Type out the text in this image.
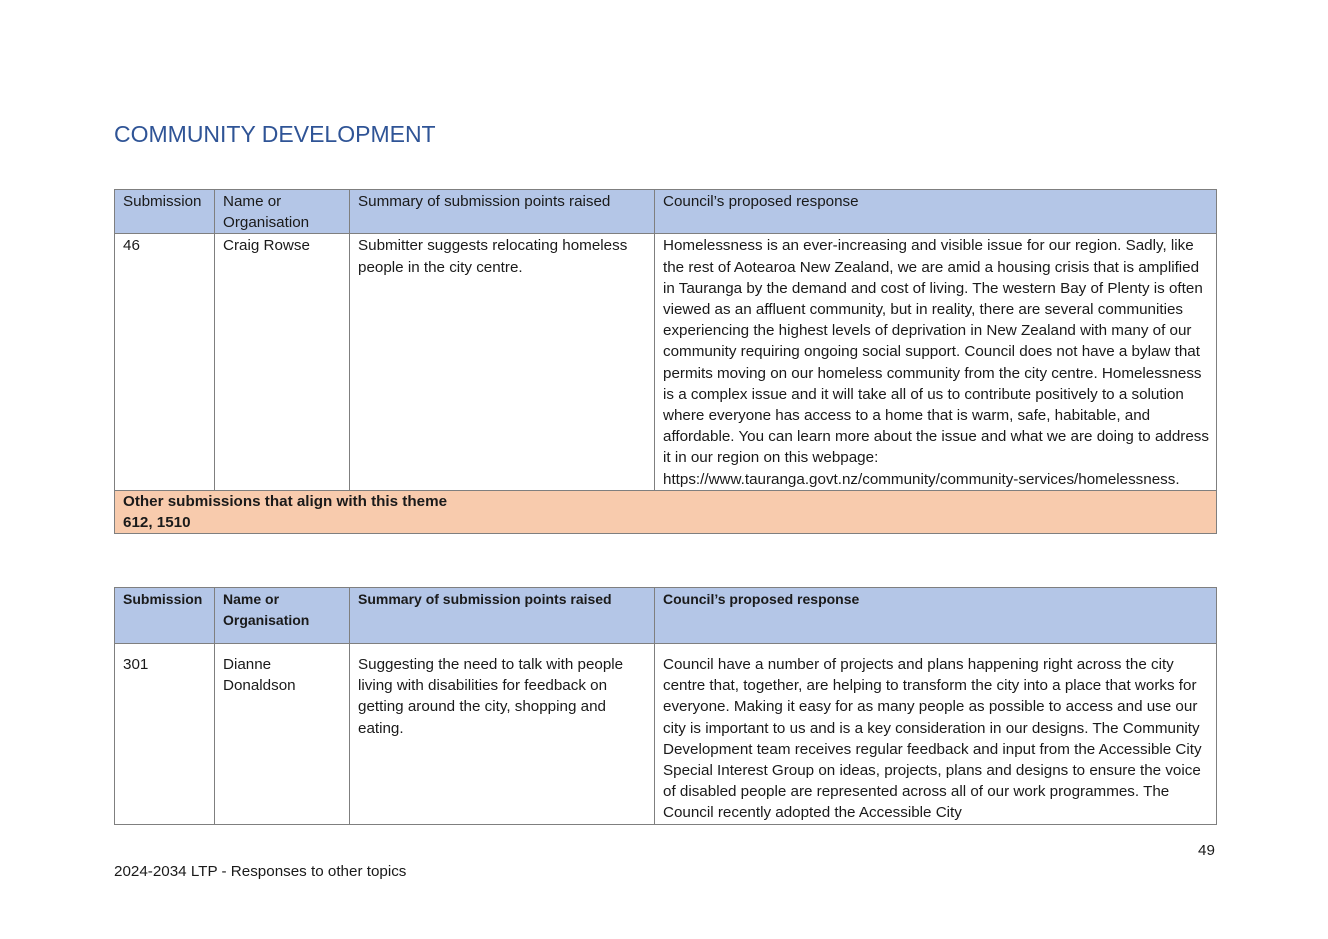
COMMUNITY DEVELOPMENT
Submission	Name or Organisation	Summary of submission points raised	Council’s proposed response
46	Craig Rowse	Submitter suggests relocating homeless people in the city centre.	Homelessness is an ever-increasing and visible issue for our region. Sadly, like the rest of Aotearoa New Zealand, we are amid a housing crisis that is amplified in Tauranga by the demand and cost of living. The western Bay of Plenty is often viewed as an affluent community, but in reality, there are several communities experiencing the highest levels of deprivation in New Zealand with many of our community requiring ongoing social support. Council does not have a bylaw that permits moving on our homeless community from the city centre. Homelessness is a complex issue and it will take all of us to contribute positively to a solution where everyone has access to a home that is warm, safe, habitable, and affordable. You can learn more about the issue and what we are doing to address it in our region on this webpage: https://www.tauranga.govt.nz/community/community-services/homelessness.

Other submissions that align with this theme
612, 1510			
Submission	Name or Organisation	Summary of submission points raised	Council’s proposed response
301	Dianne Donaldson	Suggesting the need to talk with people living with disabilities for feedback on getting around the city, shopping and eating.	Council have a number of projects and plans happening right across the city centre that, together, are helping to transform the city into a place that works for everyone. Making it easy for as many people as possible to access and use our city is important to us and is a key consideration in our designs. The Community Development team receives regular feedback and input from the Accessible City Special Interest Group on ideas, projects, plans and designs to ensure the voice of disabled people are represented across all of our work programmes. The Council recently adopted the Accessible City
49
2024-2034 LTP - Responses to other topics
